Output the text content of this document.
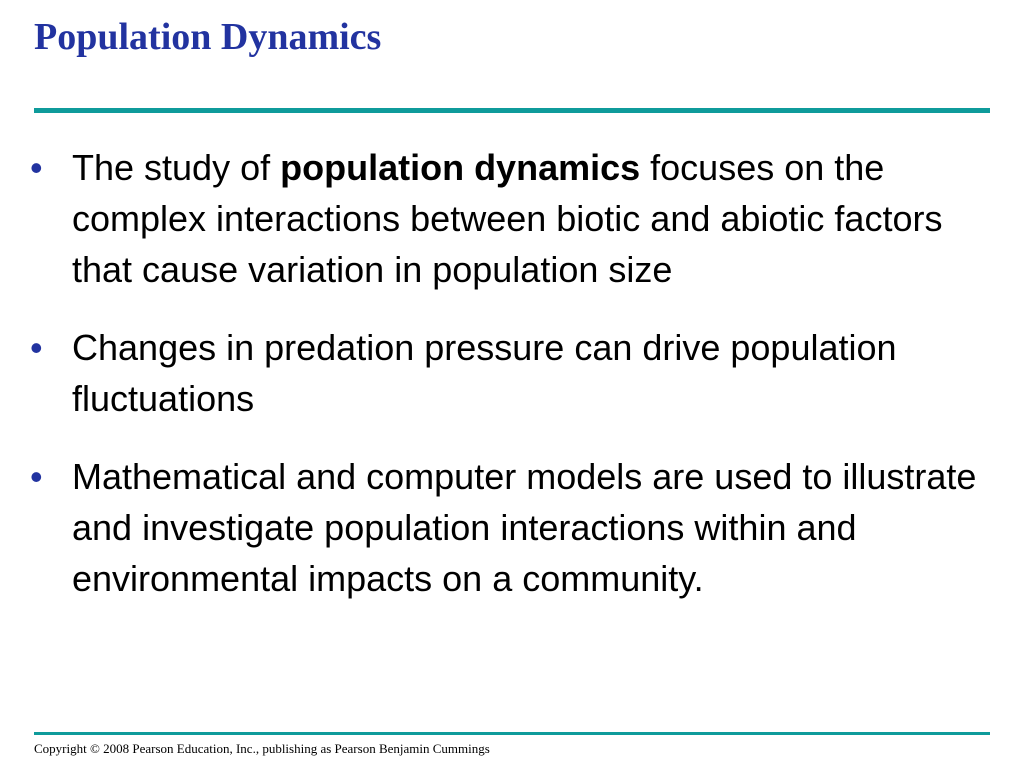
Population Dynamics
• The study of population dynamics focuses on the complex interactions between biotic and abiotic factors that cause variation in population size
• Changes in predation pressure can drive population fluctuations
• Mathematical and computer models are used to illustrate and investigate population interactions within and environmental impacts on a community.
Copyright © 2008 Pearson Education, Inc., publishing as Pearson Benjamin Cummings
